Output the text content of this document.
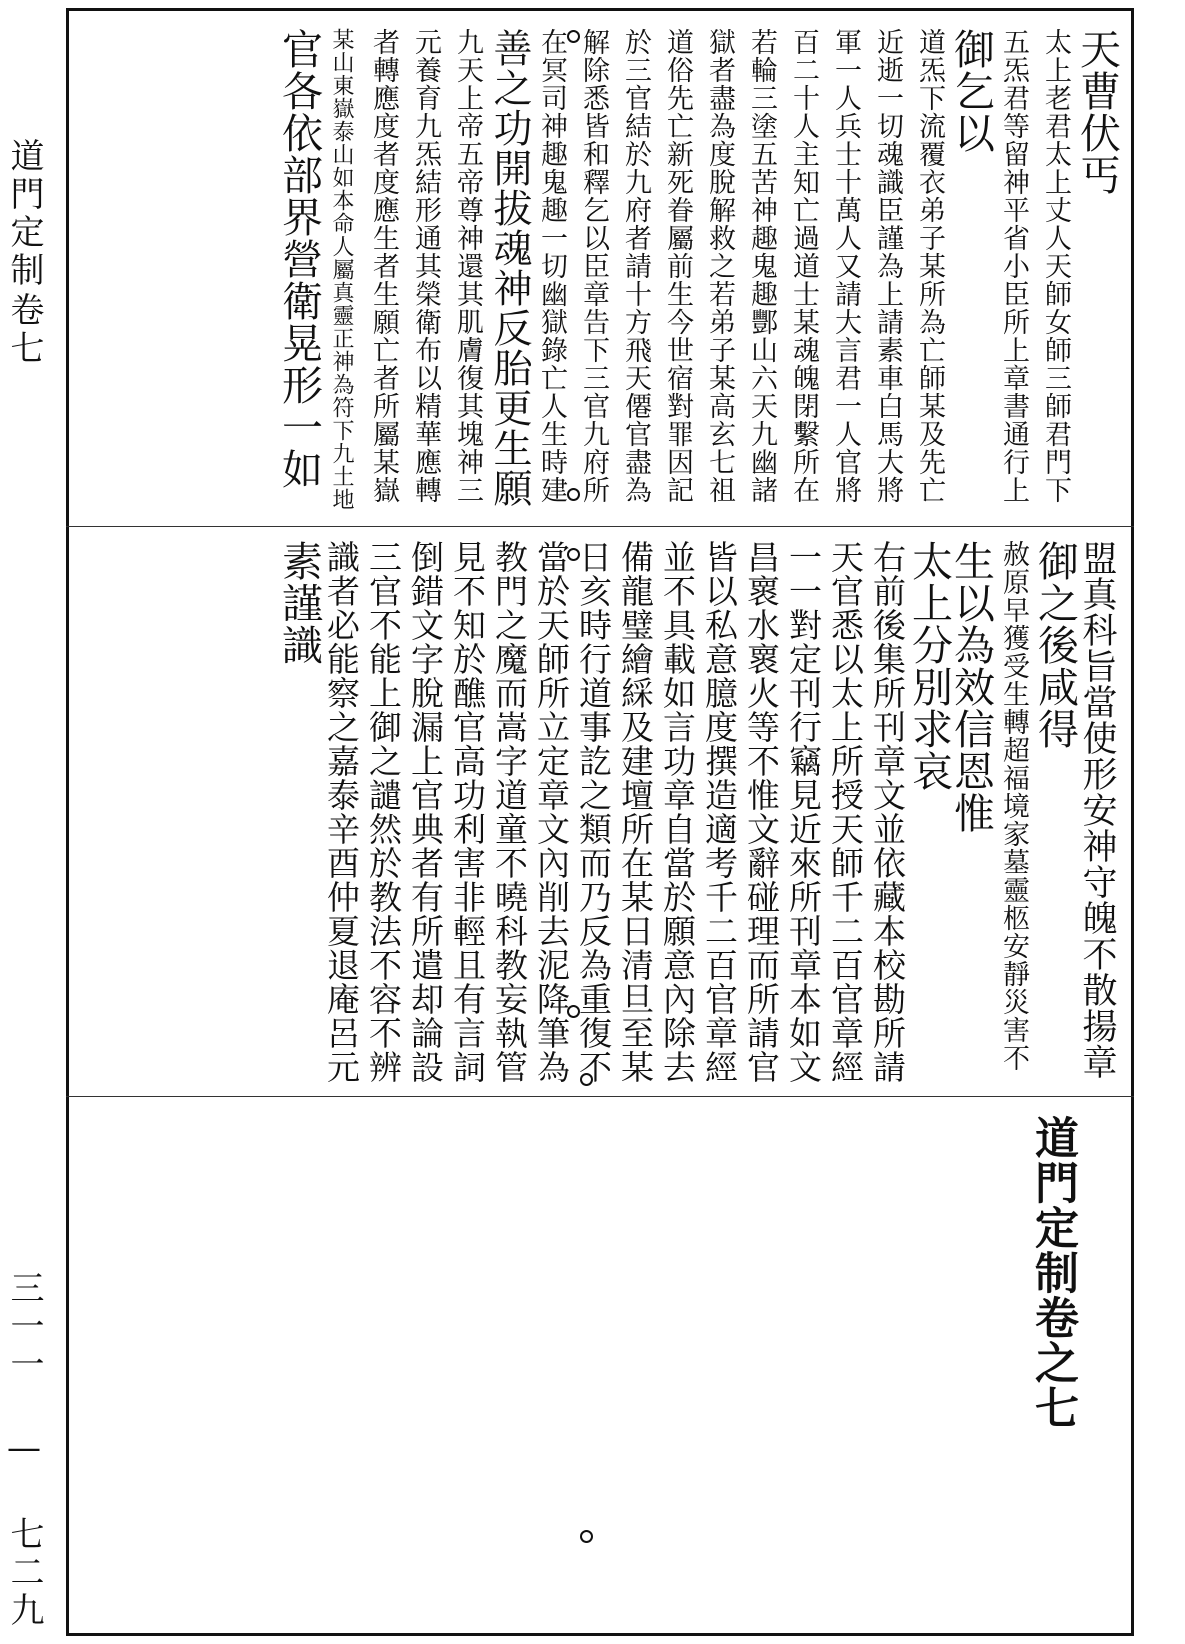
道門定制
卷七
三一一 — 七二九
天曹伏丐
太上老君太上丈人天師女師三師君門下
五炁君等留神平省小臣所上章書通行上
御乞以
道炁下流覆衣弟子某所為亡師某及先亡
近逝一切魂識臣謹為上請素車白馬大將
軍一人兵士十萬人又請大言君一人官將
百二十人主知亡過道士某魂魄閉繫所在
若輪三塗五苦神趣鬼趣酆山六天九幽諸
獄者盡為度脫解救之若弟子某高玄七祖
道俗先亡新死眷屬前生今世宿對罪因記
於三官結於九府者請十方飛天僊官盡為
解除悉皆和釋乞以臣章告下三官九府所
在冥司神趣鬼趣一切幽獄錄亡人生時建
善之功開拔魂神反胎更生願
九天上帝五帝尊神還其肌膚復其塊神三
元養育九炁結形通其榮衛布以精華應轉
者轉應度者度應生者生願亡者所屬某嶽
某山東嶽泰山如本命人屬真靈正神為符下九土地
官各依部界營衛晃形一如
盟真科旨當使形安神守魄不散揚章
御之後咸得
赦原早獲受生轉超福境家墓靈柩安靜災害不
生以為效信恩惟
太上分別求哀
右前後集所刊章文並依藏本校勘所請
天官悉以太上所授天師千二百官章經
一一對定刊行竊見近來所刊章本如文
昌褱水褱火等不惟文辭碰理而所請官
皆以私意臆度撰造適考千二百官章經
並不具載如言功章自當於願意內除去
備龍璧繪綵及建壇所在某日清旦至某
日亥時行道事訖之類而乃反為重復不
當於天師所立定章文內削去泥降筆為
教門之魔而嵩字道童不曉科教妄執管
見不知於醮官高功利害非輕且有言詞
倒錯文字脫漏上官典者有所遣却論設
三官不能上御之譴然於教法不容不辨
識者必能察之嘉泰辛酉仲夏退庵呂元
素謹識
道門定制卷之七
